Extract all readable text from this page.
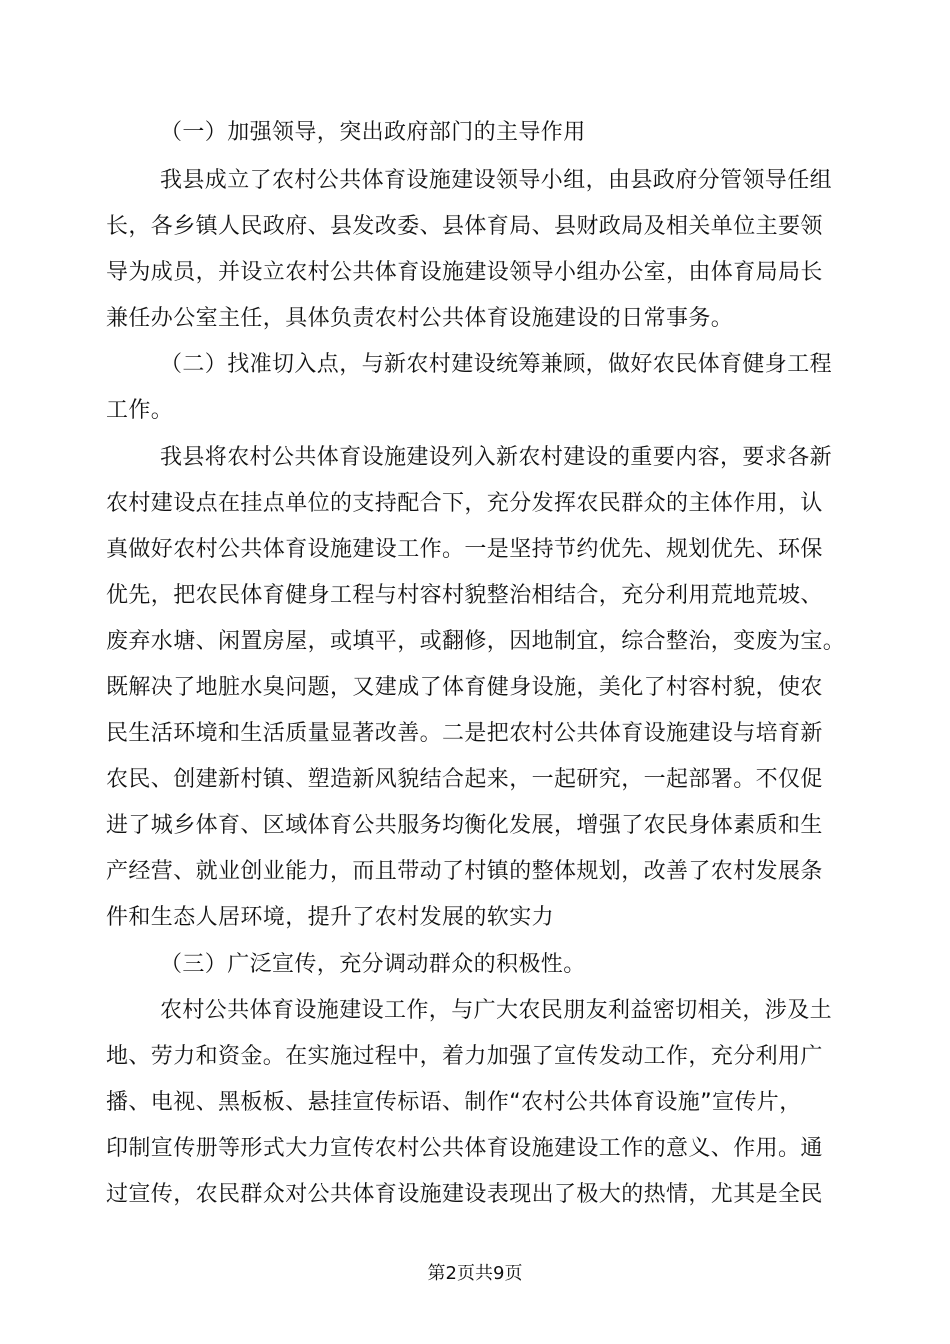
（一）加强领导，突出政府部门的主导作用
我县成立了农村公共体育设施建设领导小组，由县政府分管领导任组
长，各乡镇人民政府、县发改委、县体育局、县财政局及相关单位主要领
导为成员，并设立农村公共体育设施建设领导小组办公室，由体育局局长
兼任办公室主任，具体负责农村公共体育设施建设的日常事务。
（二）找准切入点，与新农村建设统筹兼顾，做好农民体育健身工程
工作。
我县将农村公共体育设施建设列入新农村建设的重要内容，要求各新
农村建设点在挂点单位的支持配合下，充分发挥农民群众的主体作用，认
真做好农村公共体育设施建设工作。一是坚持节约优先、规划优先、环保
优先，把农民体育健身工程与村容村貌整治相结合，充分利用荒地荒坡、
废弃水塘、闲置房屋，或填平，或翻修，因地制宜，综合整治，变废为宝。
既解决了地脏水臭问题，又建成了体育健身设施，美化了村容村貌，使农
民生活环境和生活质量显著改善。二是把农村公共体育设施建设与培育新
农民、创建新村镇、塑造新风貌结合起来，一起研究，一起部署。不仅促
进了城乡体育、区域体育公共服务均衡化发展，增强了农民身体素质和生
产经营、就业创业能力，而且带动了村镇的整体规划，改善了农村发展条
件和生态人居环境，提升了农村发展的软实力
（三）广泛宣传，充分调动群众的积极性。
农村公共体育设施建设工作，与广大农民朋友利益密切相关，涉及土
地、劳力和资金。在实施过程中，着力加强了宣传发动工作，充分利用广
播、电视、黑板板、悬挂宣传标语、制作“农村公共体育设施”宣传片，
印制宣传册等形式大力宣传农村公共体育设施建设工作的意义、作用。通
过宣传，农民群众对公共体育设施建设表现出了极大的热情，尤其是全民
第2页共9页
